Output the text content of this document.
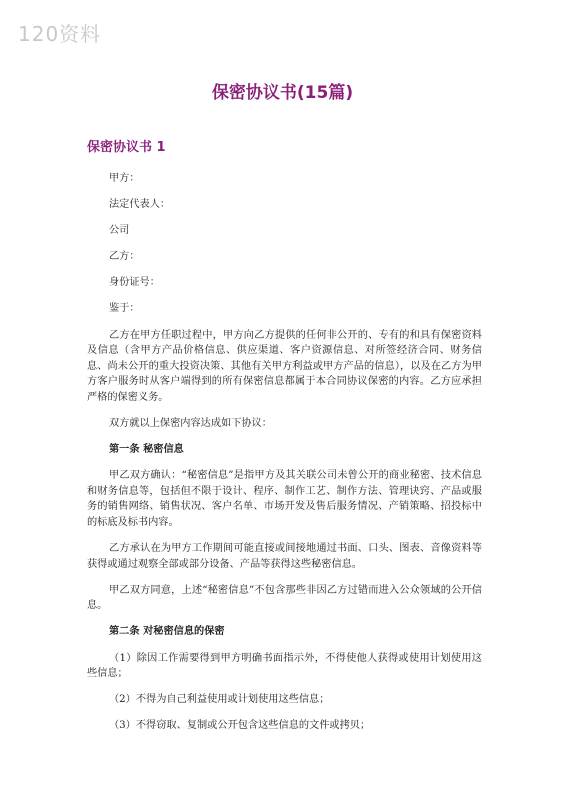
120资料
保密协议书(15篇)
保密协议书 1
甲方：
法定代表人：
公司
乙方：
身份证号：
鉴于：

乙方在甲方任职过程中，甲方向乙方提供的任何非公开的、专有的和具有保密资料及信息（含甲方产品价格信息、供应渠道、客户资源信息、对所签经济合同、财务信息、尚未公开的重大投资决策、其他有关甲方利益或甲方产品的信息），以及在乙方为甲方客户服务时从客户端得到的所有保密信息都属于本合同协议保密的内容。乙方应承担严格的保密义务。

双方就以上保密内容达成如下协议：

第一条 秘密信息

甲乙双方确认：“秘密信息”是指甲方及其关联公司未曾公开的商业秘密、技术信息和财务信息等，包括但不限于设计、程序、制作工艺、制作方法、管理诀窍、产品或服务的销售网络、销售状况、客户名单、市场开发及售后服务情况、产销策略、招投标中的标底及标书内容。

乙方承认在为甲方工作期间可能直接或间接地通过书面、口头、图表、音像资料等获得或通过观察全部或部分设备、产品等获得这些秘密信息。

甲乙双方同意，上述“秘密信息”不包含那些非因乙方过错而进入公众领域的公开信息。

第二条 对秘密信息的保密

（1）除因工作需要得到甲方明确书面指示外，不得使他人获得或使用计划使用这些信息；

（2）不得为自己利益使用或计划使用这些信息；

（3）不得窃取、复制或公开包含这些信息的文件或拷贝；
